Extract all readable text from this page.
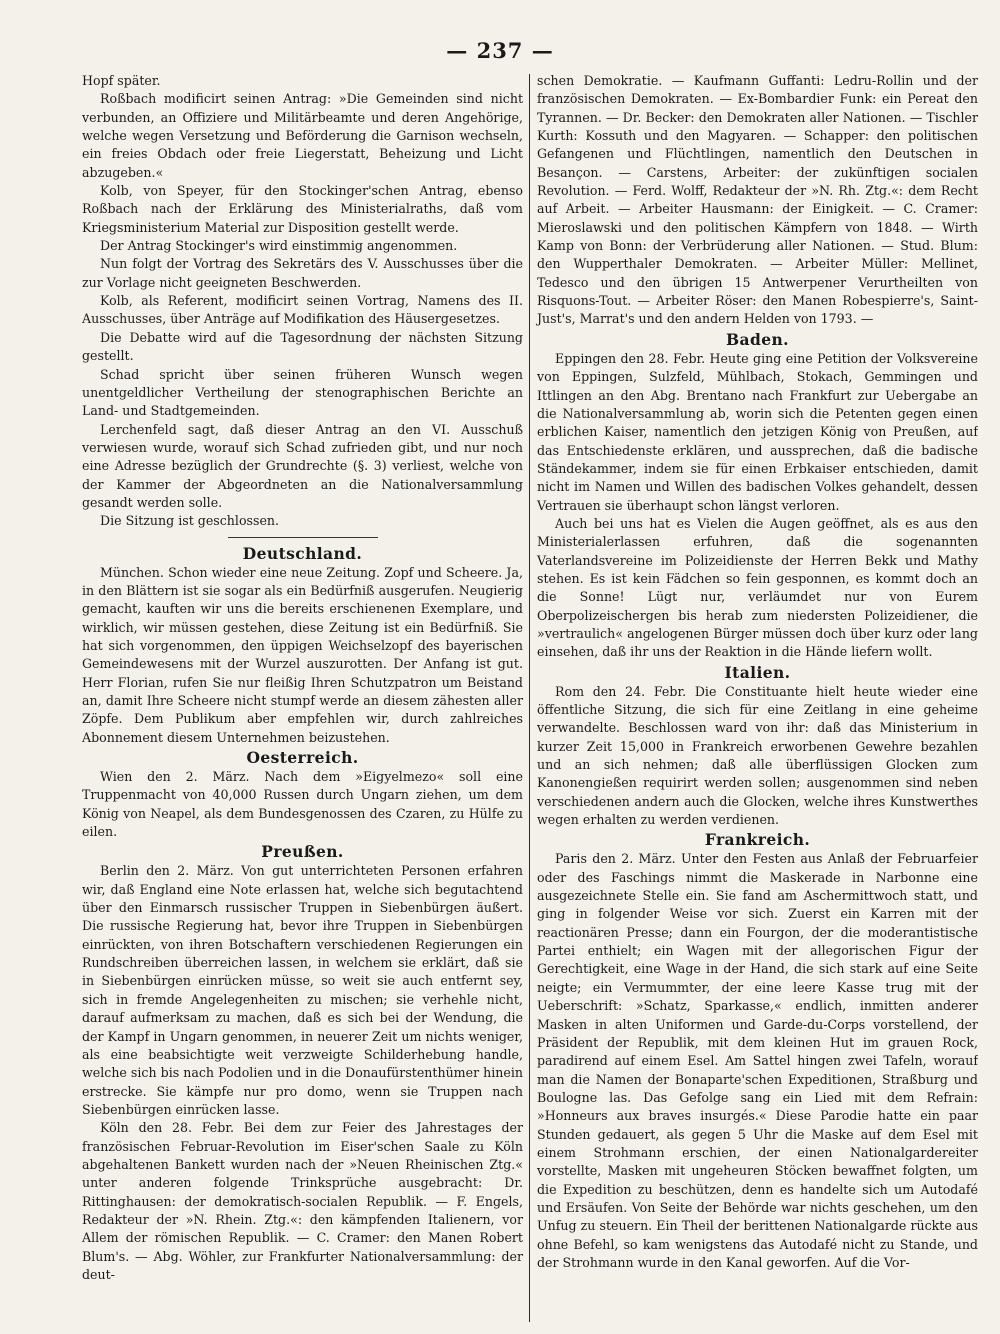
— 237 —

Hopf später.

Roßbach modificirt seinen Antrag: »Die Gemeinden sind nicht verbunden, an Offiziere und Militärbeamte und deren Angehörige, welche wegen Versetzung und Beförderung die Garnison wechseln, ein freies Obdach oder freie Liegerstatt, Beheizung und Licht abzugeben.«

Kolb, von Speyer, für den Stockinger'schen Antrag, ebenso Roßbach nach der Erklärung des Ministerialraths, daß vom Kriegsministerium Material zur Disposition gestellt werde.

Der Antrag Stockinger's wird einstimmig angenommen.

Nun folgt der Vortrag des Sekretärs des V. Ausschusses über die zur Vorlage nicht geeigneten Beschwerden.

Kolb, als Referent, modificirt seinen Vortrag, Namens des II. Ausschusses, über Anträge auf Modifikation des Häusergesetzes.

Die Debatte wird auf die Tagesordnung der nächsten Sitzung gestellt.

Schad spricht über seinen früheren Wunsch wegen unentgeldlicher Vertheilung der stenographischen Berichte an Land- und Stadtgemeinden.

Lerchenfeld sagt, daß dieser Antrag an den VI. Ausschuß verwiesen wurde, worauf sich Schad zufrieden gibt, und nur noch eine Adresse bezüglich der Grundrechte (§. 3) verliest, welche von der Kammer der Abgeordneten an die Nationalversammlung gesandt werden solle.

Die Sitzung ist geschlossen.

Deutschland.

München. Schon wieder eine neue Zeitung. Zopf und Scheere. Ja, in den Blättern ist sie sogar als ein Bedürfniß ausgerufen. Neugierig gemacht, kauften wir uns die bereits erschienenen Exemplare, und wirklich, wir müssen gestehen, diese Zeitung ist ein Bedürfniß. Sie hat sich vorgenommen, den üppigen Weichselzopf des bayerischen Gemeindewesens mit der Wurzel auszurotten. Der Anfang ist gut. Herr Florian, rufen Sie nur fleißig Ihren Schutzpatron um Beistand an, damit Ihre Scheere nicht stumpf werde an diesem zähesten aller Zöpfe. Dem Publikum aber empfehlen wir, durch zahlreiches Abonnement diesem Unternehmen beizustehen.

Oesterreich.

Wien den 2. März. Nach dem »Eigyelmezo« soll eine Truppenmacht von 40,000 Russen durch Ungarn ziehen, um dem König von Neapel, als dem Bundesgenossen des Czaren, zu Hülfe zu eilen.

Preußen.

Berlin den 2. März. Von gut unterrichteten Personen erfahren wir, daß England eine Note erlassen hat, welche sich begutachtend über den Einmarsch russischer Truppen in Siebenbürgen äußert. Die russische Regierung hat, bevor ihre Truppen in Siebenbürgen einrückten, von ihren Botschaftern verschiedenen Regierungen ein Rundschreiben überreichen lassen, in welchem sie erklärt, daß sie in Siebenbürgen einrücken müsse, so weit sie auch entfernt sey, sich in fremde Angelegenheiten zu mischen; sie verhehle nicht, darauf aufmerksam zu machen, daß es sich bei der Wendung, die der Kampf in Ungarn genommen, in neuerer Zeit um nichts weniger, als eine beabsichtigte weit verzweigte Schilderhebung handle, welche sich bis nach Podolien und in die Donaufürstenthümer hinein erstrecke. Sie kämpfe nur pro domo, wenn sie Truppen nach Siebenbürgen einrücken lasse.

Köln den 28. Febr. Bei dem zur Feier des Jahrestages der französischen Februar-Revolution im Eiser'schen Saale zu Köln abgehaltenen Bankett wurden nach der »Neuen Rheinischen Ztg.« unter anderen folgende Trinksprüche ausgebracht: Dr. Rittinghausen: der demokratisch-socialen Republik. — F. Engels, Redakteur der »N. Rhein. Ztg.«: den kämpfenden Italienern, vor Allem der römischen Republik. — C. Cramer: den Manen Robert Blum's. — Abg. Wöhler, zur Frankfurter Nationalversammlung: der deut-

schen Demokratie. — Kaufmann Guffanti: Ledru-Rollin und der französischen Demokraten. — Ex-Bombardier Funk: ein Pereat den Tyrannen. — Dr. Becker: den Demokraten aller Nationen. — Tischler Kurth: Kossuth und den Magyaren. — Schapper: den politischen Gefangenen und Flüchtlingen, namentlich den Deutschen in Besançon. — Carstens, Arbeiter: der zukünftigen socialen Revolution. — Ferd. Wolff, Redakteur der »N. Rh. Ztg.«: dem Recht auf Arbeit. — Arbeiter Hausmann: der Einigkeit. — C. Cramer: Mieroslawski und den politischen Kämpfern von 1848. — Wirth Kamp von Bonn: der Verbrüderung aller Nationen. — Stud. Blum: den Wupperthaler Demokraten. — Arbeiter Müller: Mellinet, Tedesco und den übrigen 15 Antwerpener Verurtheilten von Risquons-Tout. — Arbeiter Röser: den Manen Robespierre's, Saint-Just's, Marrat's und den andern Helden von 1793. —

Baden.

Eppingen den 28. Febr. Heute ging eine Petition der Volksvereine von Eppingen, Sulzfeld, Mühlbach, Stokach, Gemmingen und Ittlingen an den Abg. Brentano nach Frankfurt zur Uebergabe an die Nationalversammlung ab, worin sich die Petenten gegen einen erblichen Kaiser, namentlich den jetzigen König von Preußen, auf das Entschiedenste erklären, und aussprechen, daß die badische Ständekammer, indem sie für einen Erbkaiser entschieden, damit nicht im Namen und Willen des badischen Volkes gehandelt, dessen Vertrauen sie überhaupt schon längst verloren.

Auch bei uns hat es Vielen die Augen geöffnet, als es aus den Ministerialerlassen erfuhren, daß die sogenannten Vaterlandsvereine im Polizeidienste der Herren Bekk und Mathy stehen. Es ist kein Fädchen so fein gesponnen, es kommt doch an die Sonne! Lügt nur, verläumdet nur von Eurem Oberpolizeischergen bis herab zum niedersten Polizeidiener, die »vertraulich« angelogenen Bürger müssen doch über kurz oder lang einsehen, daß ihr uns der Reaktion in die Hände liefern wollt.

Italien.

Rom den 24. Febr. Die Constituante hielt heute wieder eine öffentliche Sitzung, die sich für eine Zeitlang in eine geheime verwandelte. Beschlossen ward von ihr: daß das Ministerium in kurzer Zeit 15,000 in Frankreich erworbenen Gewehre bezahlen und an sich nehmen; daß alle überflüssigen Glocken zum Kanonengießen requirirt werden sollen; ausgenommen sind neben verschiedenen andern auch die Glocken, welche ihres Kunstwerthes wegen erhalten zu werden verdienen.

Frankreich.

Paris den 2. März. Unter den Festen aus Anlaß der Februarfeier oder des Faschings nimmt die Maskerade in Narbonne eine ausgezeichnete Stelle ein. Sie fand am Aschermittwoch statt, und ging in folgender Weise vor sich. Zuerst ein Karren mit der reactionären Presse; dann ein Fourgon, der die moderantistische Partei enthielt; ein Wagen mit der allegorischen Figur der Gerechtigkeit, eine Wage in der Hand, die sich stark auf eine Seite neigte; ein Vermummter, der eine leere Kasse trug mit der Ueberschrift: »Schatz, Sparkasse,« endlich, inmitten anderer Masken in alten Uniformen und Garde-du-Corps vorstellend, der Präsident der Republik, mit dem kleinen Hut im grauen Rock, paradirend auf einem Esel. Am Sattel hingen zwei Tafeln, worauf man die Namen der Bonaparte'schen Expeditionen, Straßburg und Boulogne las. Das Gefolge sang ein Lied mit dem Refrain: »Honneurs aux braves insurgés.« Diese Parodie hatte ein paar Stunden gedauert, als gegen 5 Uhr die Maske auf dem Esel mit einem Strohmann erschien, der einen Nationalgardereiter vorstellte, Masken mit ungeheuren Stöcken bewaffnet folgten, um die Expedition zu beschützen, denn es handelte sich um Autodafé und Ersäufen. Von Seite der Behörde war nichts geschehen, um den Unfug zu steuern. Ein Theil der berittenen Nationalgarde rückte aus ohne Befehl, so kam wenigstens das Autodafé nicht zu Stande, und der Strohmann wurde in den Kanal geworfen. Auf die Vor-
